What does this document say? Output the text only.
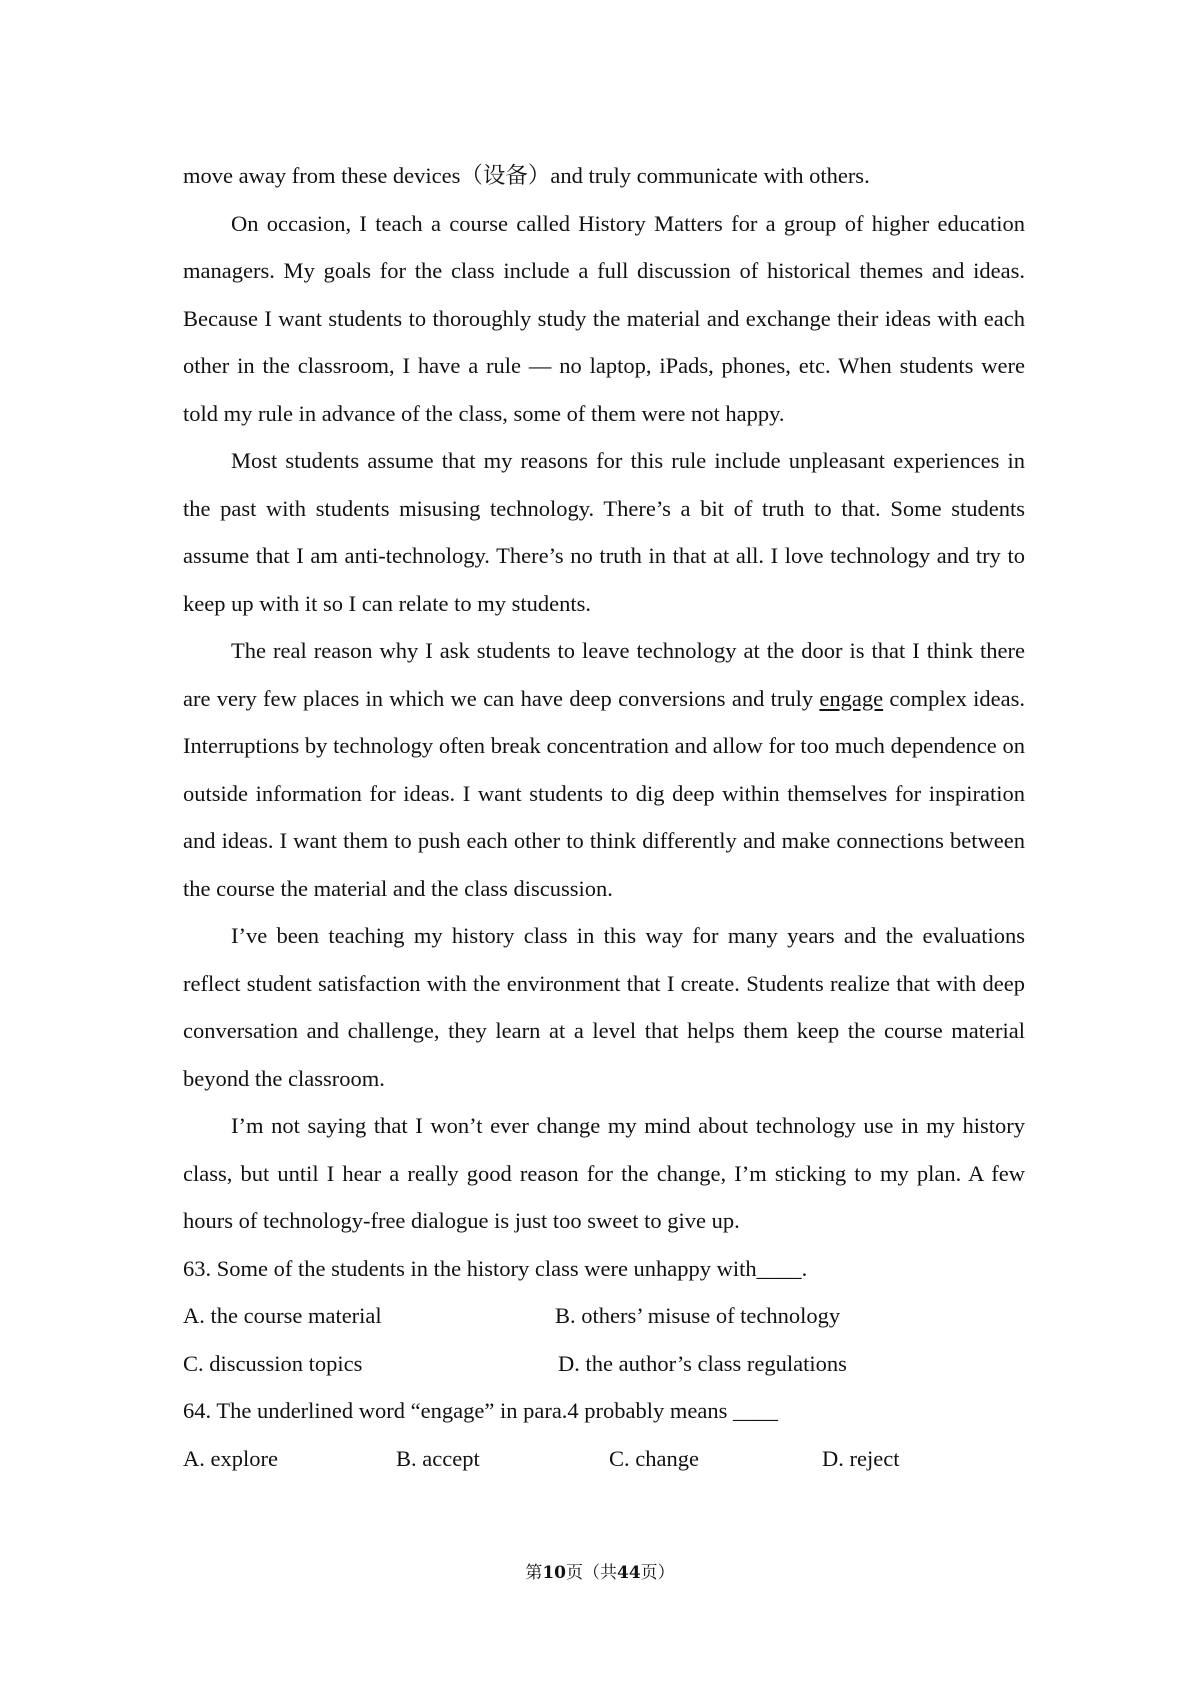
move away from these devices（设备）and truly communicate with others.

On occasion, I teach a course called History Matters for a group of higher education managers. My goals for the class include a full discussion of historical themes and ideas. Because I want students to thoroughly study the material and exchange their ideas with each other in the classroom, I have a rule — no laptop, iPads, phones, etc. When students were told my rule in advance of the class, some of them were not happy.

Most students assume that my reasons for this rule include unpleasant experiences in the past with students misusing technology. There’s a bit of truth to that. Some students assume that I am anti-technology. There’s no truth in that at all. I love technology and try to keep up with it so I can relate to my students.

The real reason why I ask students to leave technology at the door is that I think there are very few places in which we can have deep conversions and truly engage complex ideas. Interruptions by technology often break concentration and allow for too much dependence on outside information for ideas. I want students to dig deep within themselves for inspiration and ideas. I want them to push each other to think differently and make connections between the course the material and the class discussion.

I’ve been teaching my history class in this way for many years and the evaluations reflect student satisfaction with the environment that I create. Students realize that with deep conversation and challenge, they learn at a level that helps them keep the course material beyond the classroom.

I’m not saying that I won’t ever change my mind about technology use in my history class, but until I hear a really good reason for the change, I’m sticking to my plan. A few hours of technology-free dialogue is just too sweet to give up.

63. Some of the students in the history class were unhappy with____.

A. the course material	B. others’ misuse of technology
C. discussion topics	D. the author’s class regulations

64. The underlined word “engage” in para.4 probably means ____

A. explore	B. accept	C. change	D. reject
第10页（共44页）
